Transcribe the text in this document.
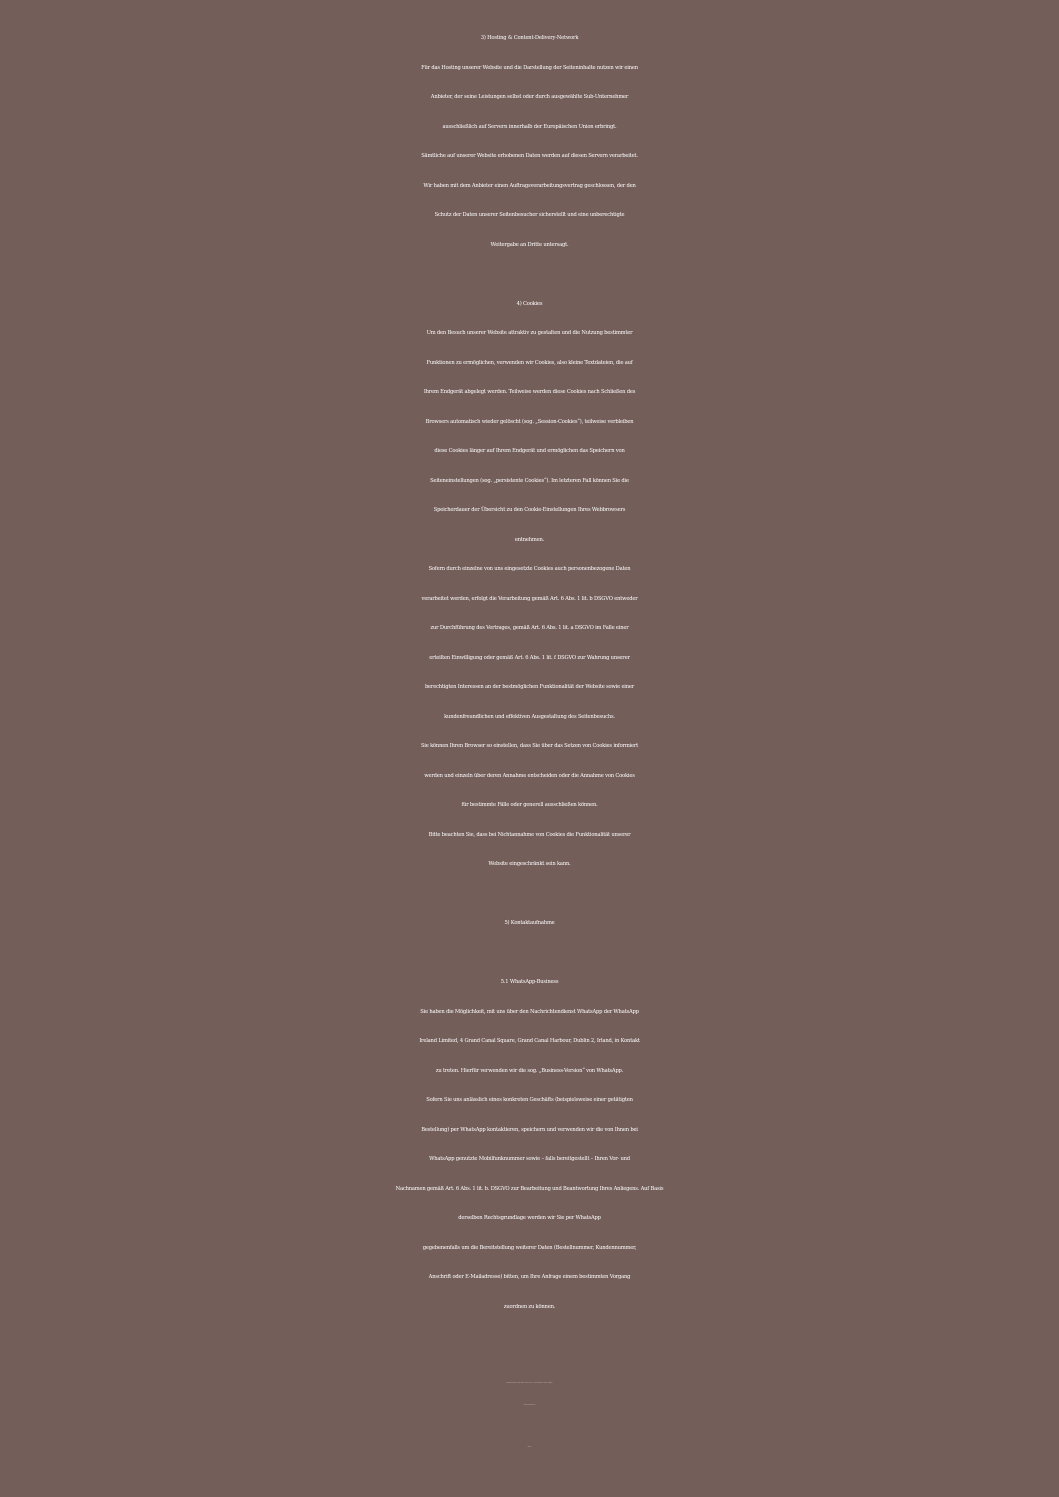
3) Hosting & Content-Delivery-Network
Für das Hosting unserer Website und die Darstellung der Seiteninhalte nutzen wir einen
Anbieter, der seine Leistungen selbst oder durch ausgewählte Sub-Unternehmer
ausschließlich auf Servern innerhalb der Europäischen Union erbringt.
Sämtliche auf unserer Website erhobenen Daten werden auf diesen Servern verarbeitet.
Wir haben mit dem Anbieter einen Auftragsverarbeitungsvertrag geschlossen, der den
Schutz der Daten unserer Seitenbesucher sicherstellt und eine unberechtigte
Weitergabe an Dritte untersagt.
4) Cookies
Um den Besuch unserer Website attraktiv zu gestalten und die Nutzung bestimmter
Funktionen zu ermöglichen, verwenden wir Cookies, also kleine Textdateien, die auf
Ihrem Endgerät abgelegt werden. Teilweise werden diese Cookies nach Schließen des
Browsers automatisch wieder gelöscht (sog. „Session-Cookies“), teilweise verbleiben
diese Cookies länger auf Ihrem Endgerät und ermöglichen das Speichern von
Seiteneinstellungen (sog. „persistente Cookies“). Im letzteren Fall können Sie die
Speicherdauer der Übersicht zu den Cookie-Einstellungen Ihres Webbrowsers
entnehmen.
Sofern durch einzelne von uns eingesetzte Cookies auch personenbezogene Daten
verarbeitet werden, erfolgt die Verarbeitung gemäß Art. 6 Abs. 1 lit. b DSGVO entweder
zur Durchführung des Vertrages, gemäß Art. 6 Abs. 1 lit. a DSGVO im Falle einer
erteilten Einwilligung oder gemäß Art. 6 Abs. 1 lit. f DSGVO zur Wahrung unserer
berechtigten Interessen an der bestmöglichen Funktionalität der Website sowie einer
kundenfreundlichen und effektiven Ausgestaltung des Seitenbesuchs.
Sie können Ihren Browser so einstellen, dass Sie über das Setzen von Cookies informiert
werden und einzeln über deren Annahme entscheiden oder die Annahme von Cookies
für bestimmte Fälle oder generell ausschließen können.
Bitte beachten Sie, dass bei Nichtannahme von Cookies die Funktionalität unserer
Website eingeschränkt sein kann.
5) Kontaktaufnahme
5.1 WhatsApp-Business
Sie haben die Möglichkeit, mit uns über den Nachrichtendienst WhatsApp der WhatsApp
Ireland Limited, 4 Grand Canal Square, Grand Canal Harbour, Dublin 2, Irland, in Kontakt
zu treten. Hierfür verwenden wir die sog. „Business-Version“ von WhatsApp.
Sofern Sie uns anlässlich eines konkreten Geschäfts (beispielsweise einer getätigten
Bestellung) per WhatsApp kontaktieren, speichern und verwenden wir die von Ihnen bei
WhatsApp genutzte Mobilfunknummer sowie – falls bereitgestellt – Ihren Vor- und
Nachnamen gemäß Art. 6 Abs. 1 lit. b. DSGVO zur Bearbeitung und Beantwortung Ihres Anliegens. Auf Basis
derselben Rechtsgrundlage werden wir Sie per WhatsApp
gegebenenfalls um die Bereitstellung weiterer Daten (Bestellnummer, Kundennummer,
Anschrift oder E-Mailadresse) bitten, um Ihre Anfrage einem bestimmten Vorgang
zuordnen zu können.
Copyright © 2026, IT-Recht-Kanzlei GmbH & Co. KG · Alter Messeplatz 2 · 80339 München
www.it-recht-kanzlei.de
Seite 2
